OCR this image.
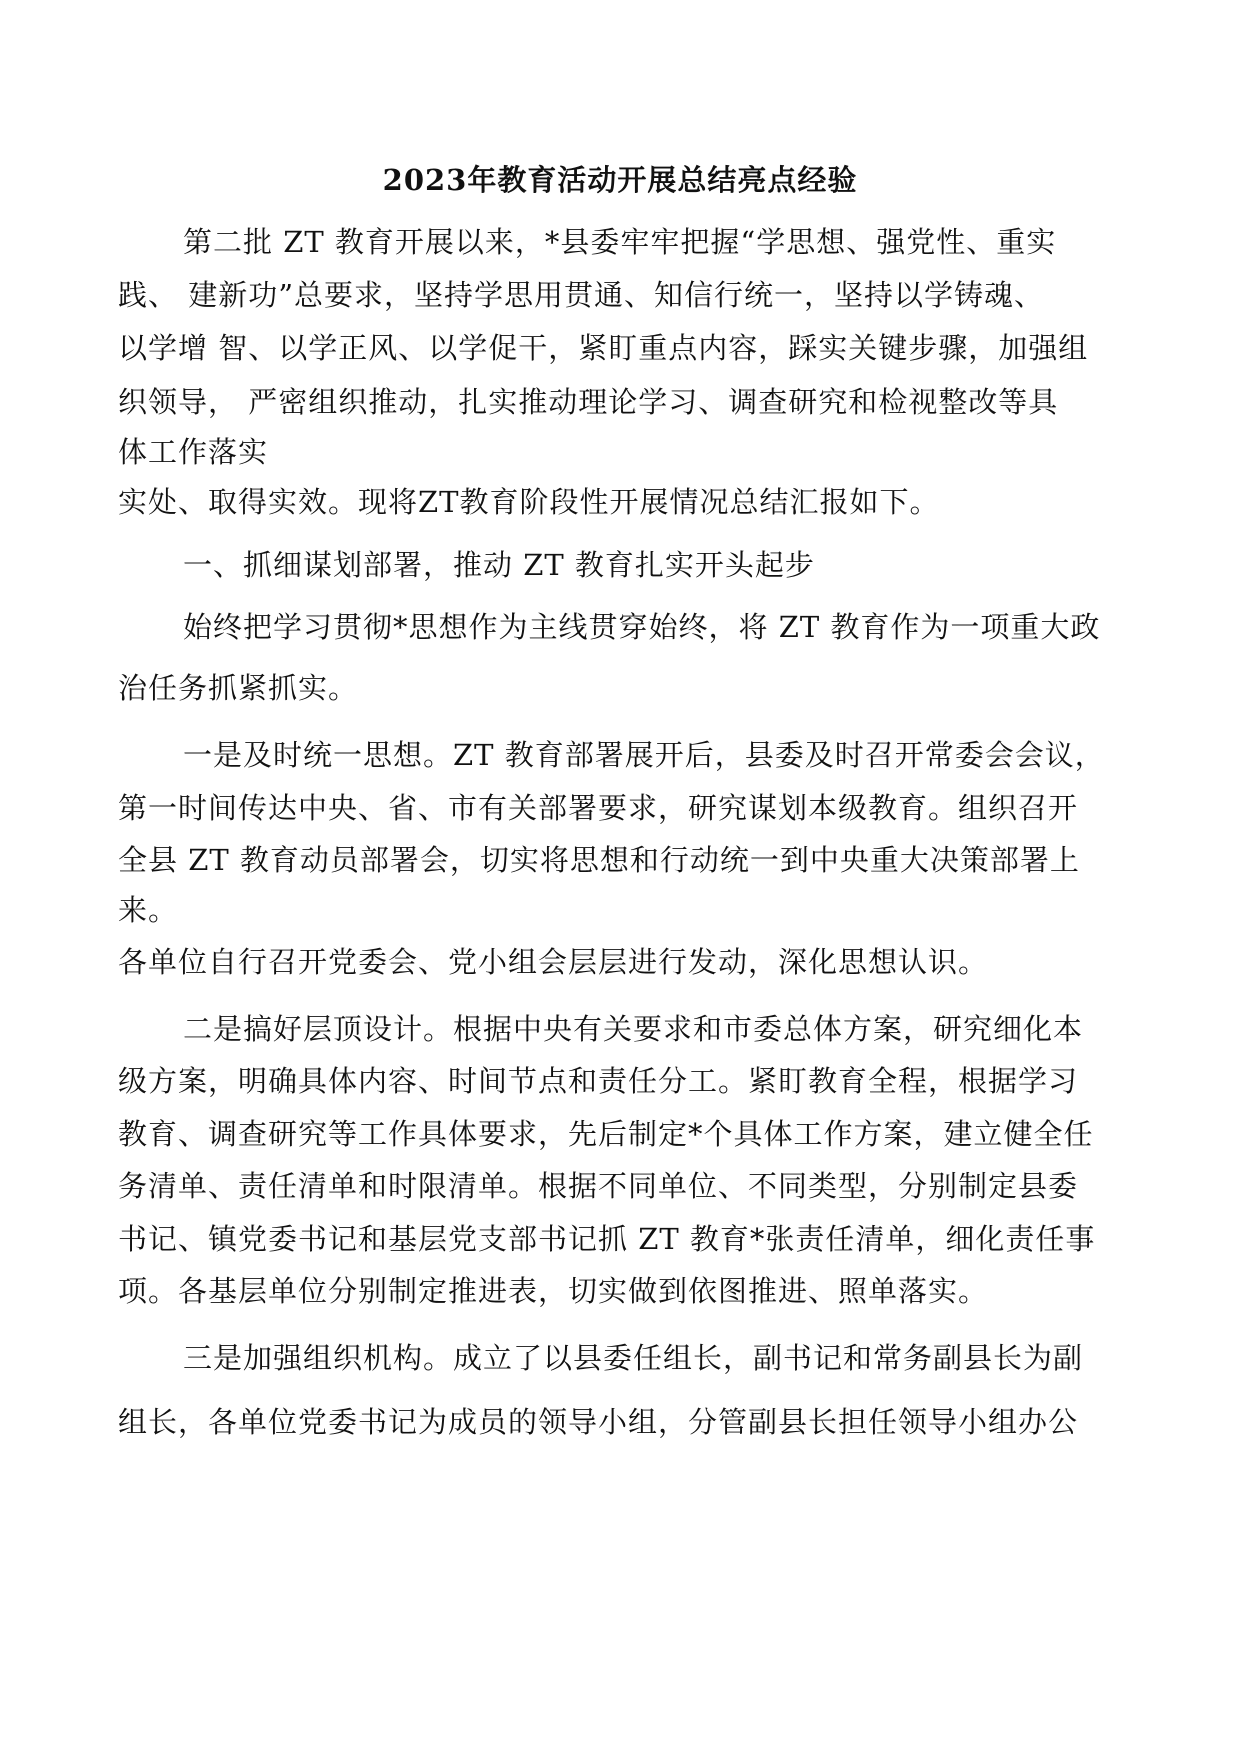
2023年教育活动开展总结亮点经验

第二批 ZT 教育开展以来，*县委牢牢把握“学思想、强党性、重实

践、 建新功”总要求，坚持学思用贯通、知信行统一，坚持以学铸魂、

以学增 智、以学正风、以学促干，紧盯重点内容，踩实关键步骤，加强组

织领导， 严密组织推动，扎实推动理论学习、调查研究和检视整改等具

体工作落实

实处、取得实效。现将ZT教育阶段性开展情况总结汇报如下。

一、抓细谋划部署，推动 ZT 教育扎实开头起步

始终把学习贯彻*思想作为主线贯穿始终，将 ZT 教育作为一项重大政

治任务抓紧抓实。

一是及时统一思想。ZT 教育部署展开后，县委及时召开常委会会议，

第一时间传达中央、省、市有关部署要求，研究谋划本级教育。组织召开

全县 ZT 教育动员部署会，切实将思想和行动统一到中央重大决策部署上

来。

各单位自行召开党委会、党小组会层层进行发动，深化思想认识。

二是搞好层顶设计。根据中央有关要求和市委总体方案，研究细化本

级方案，明确具体内容、时间节点和责任分工。紧盯教育全程，根据学习

教育、调查研究等工作具体要求，先后制定*个具体工作方案，建立健全任

务清单、责任清单和时限清单。根据不同单位、不同类型，分别制定县委

书记、镇党委书记和基层党支部书记抓 ZT 教育*张责任清单，细化责任事

项。各基层单位分别制定推进表，切实做到依图推进、照单落实。

三是加强组织机构。成立了以县委任组长，副书记和常务副县长为副

组长，各单位党委书记为成员的领导小组，分管副县长担任领导小组办公
